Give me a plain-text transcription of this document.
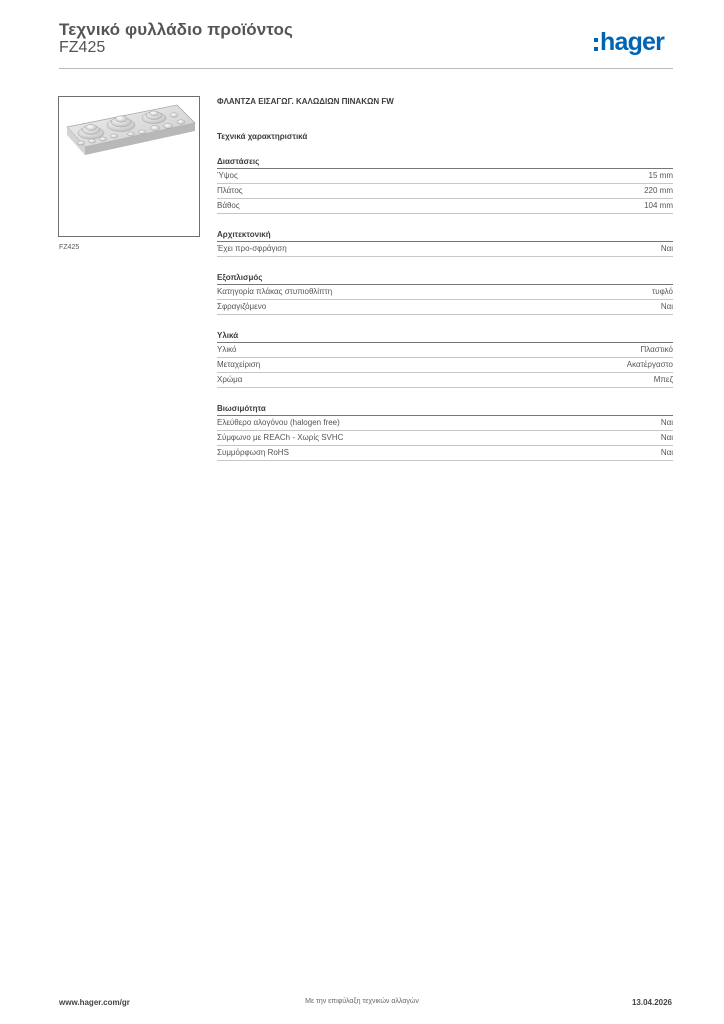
Τεχνικό φυλλάδιο προϊόντος
FZ425	hager
FZ425
ΦΛΑΝΤΖΑ ΕΙΣΑΓΩΓ. ΚΑΛΩΔΙΩΝ ΠΙΝΑΚΩΝ FW
Τεχνικά χαρακτηριστικά
Διαστάσεις
Ύψος	15 mm
Πλάτος	220 mm
Βάθος	104 mm
Αρχιτεκτονική
Έχει προ-σφράγιση	Ναι
Εξοπλισμός
Κατηγορία πλάκας στυπιοθλίπτη	τυφλό
Σφραγιζόμενο	Ναι
Υλικά
Υλικό	Πλαστικό
Μεταχείριση	Ακατέργαστο
Χρώμα	Μπεζ
Βιωσιμότητα
Ελεύθερο αλογόνου (halogen free)	Ναι
Σύμφωνο με REACh - Χωρίς SVHC	Ναι
Συμμόρφωση RoHS	Ναι
www.hager.com/gr	Με την επιφύλαξη τεχνικών αλλαγών	13.04.2026
